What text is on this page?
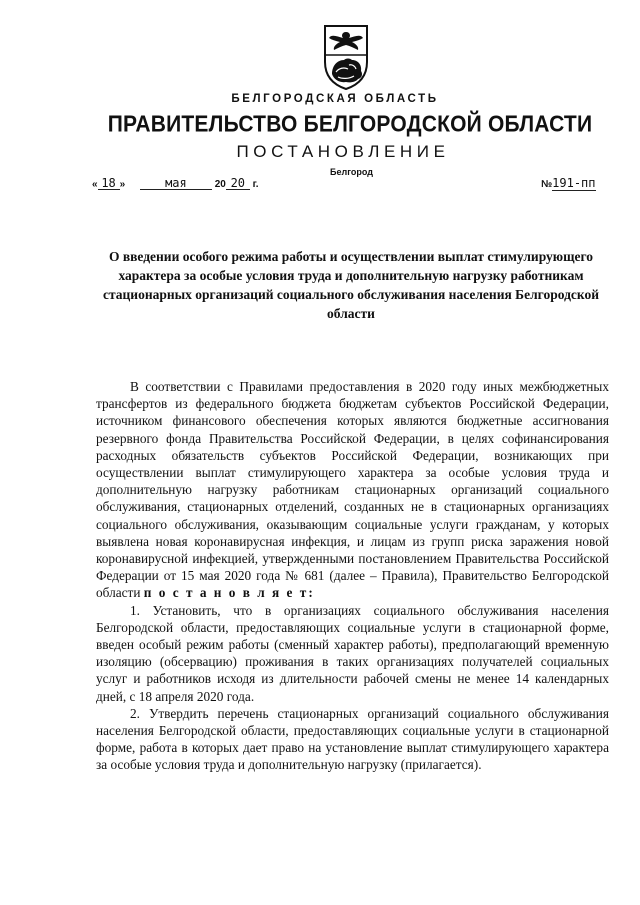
БЕЛГОРОДСКАЯ ОБЛАСТЬ
ПРАВИТЕЛЬСТВО БЕЛГОРОДСКОЙ ОБЛАСТИ
ПОСТАНОВЛЕНИЕ
Белгород
« 18 »	мая	20 20 г.	№191-пп
О введении особого режима работы и осуществлении выплат стимулирующего характера за особые условия труда и дополнительную нагрузку работникам стационарных организаций социального обслуживания населения Белгородской области

В соответствии с Правилами предоставления в 2020 году иных межбюджетных трансфертов из федерального бюджета бюджетам субъектов Российской Федерации, источником финансового обеспечения которых являются бюджетные ассигнования резервного фонда Правительства Российской Федерации, в целях софинансирования расходных обязательств субъектов Российской Федерации, возникающих при осуществлении выплат стимулирующего характера за особые условия труда и дополнительную нагрузку работникам стационарных организаций социального обслуживания, стационарных отделений, созданных не в стационарных организациях социального обслуживания, оказывающим социальные услуги гражданам, у которых выявлена новая коронавирусная инфекция, и лицам из групп риска заражения новой коронавирусной инфекцией, утвержденными постановлением Правительства Российской Федерации от 15 мая 2020 года № 681 (далее – Правила), Правительство Белгородской области п о с т а н о в л я е т:

1. Установить, что в организациях социального обслуживания населения Белгородской области, предоставляющих социальные услуги в стационарной форме, введен особый режим работы (сменный характер работы), предполагающий временную изоляцию (обсервацию) проживания в таких организациях получателей социальных услуг и работников исходя из длительности рабочей смены не менее 14 календарных дней, с 18 апреля 2020 года.

2. Утвердить перечень стационарных организаций социального обслуживания населения Белгородской области, предоставляющих социальные услуги в стационарной форме, работа в которых дает право на установление выплат стимулирующего характера за особые условия труда и дополнительную нагрузку (прилагается).
